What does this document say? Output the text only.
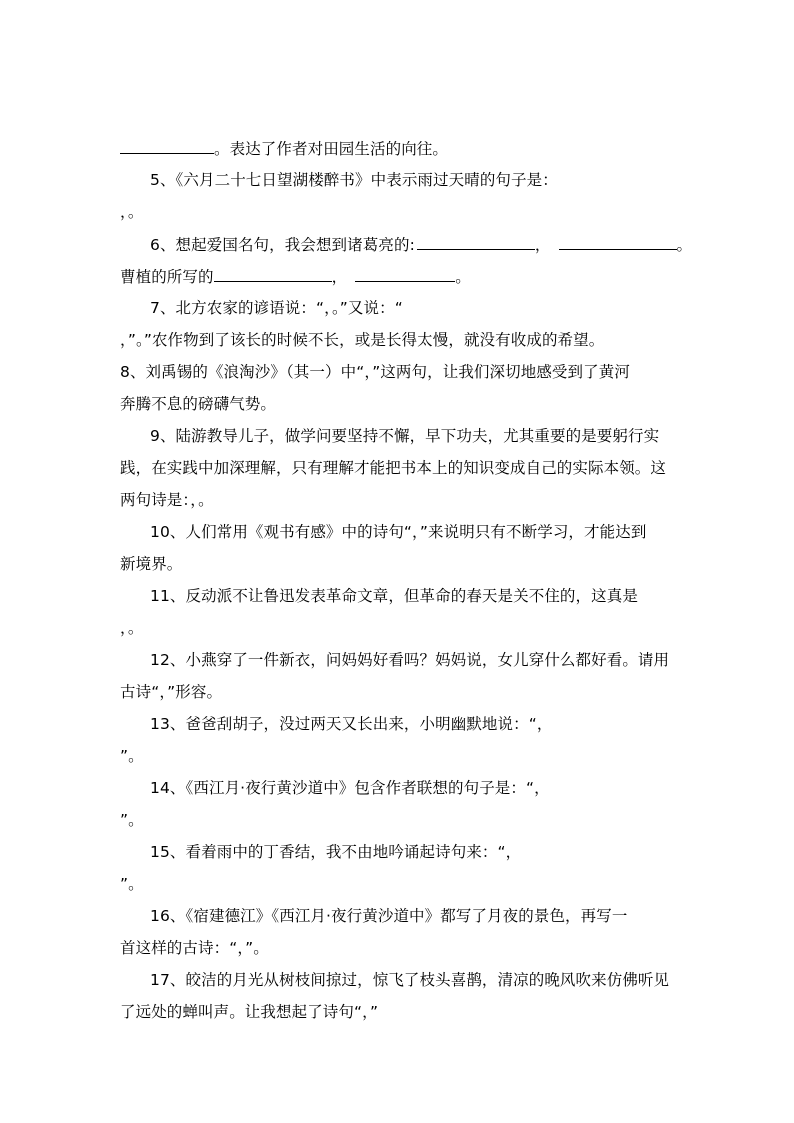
。表达了作者对田园生活的向往。
5、《六月二十七日望湖楼醉书》中表示雨过天晴的句子是：
，。
6、想起爱国名句，我会想到诸葛亮的:	，	。
曹植的所写的	，	。
7、北方农家的谚语说：“，。”又说：“
，”。”农作物到了该长的时候不长，或是长得太慢，就没有收成的希望。
8、刘禹锡的《浪淘沙》（其一）中“，”这两句，让我们深切地感受到了黄河
奔腾不息的磅礴气势。
9、陆游教导儿子，做学问要坚持不懈，早下功夫，尤其重要的是要躬行实
践，在实践中加深理解，只有理解才能把书本上的知识变成自己的实际本领。这
两句诗是：，。
10、人们常用《观书有感》中的诗句“，”来说明只有不断学习，才能达到
新境界。
11、反动派不让鲁迅发表革命文章，但革命的春天是关不住的，这真是
，。
12、小燕穿了一件新衣，问妈妈好看吗？妈妈说，女儿穿什么都好看。请用
古诗“，”形容。
13、爸爸刮胡子，没过两天又长出来，小明幽默地说：“，
”。
14、《西江月·夜行黄沙道中》包含作者联想的句子是：“，
”。
15、看着雨中的丁香结，我不由地吟诵起诗句来：“，
”。
16、《宿建德江》《西江月·夜行黄沙道中》都写了月夜的景色，再写一
首这样的古诗：“，”。
17、皎洁的月光从树枝间掠过，惊飞了枝头喜鹊，清凉的晚风吹来仿佛听见
了远处的蝉叫声。让我想起了诗句“，”
